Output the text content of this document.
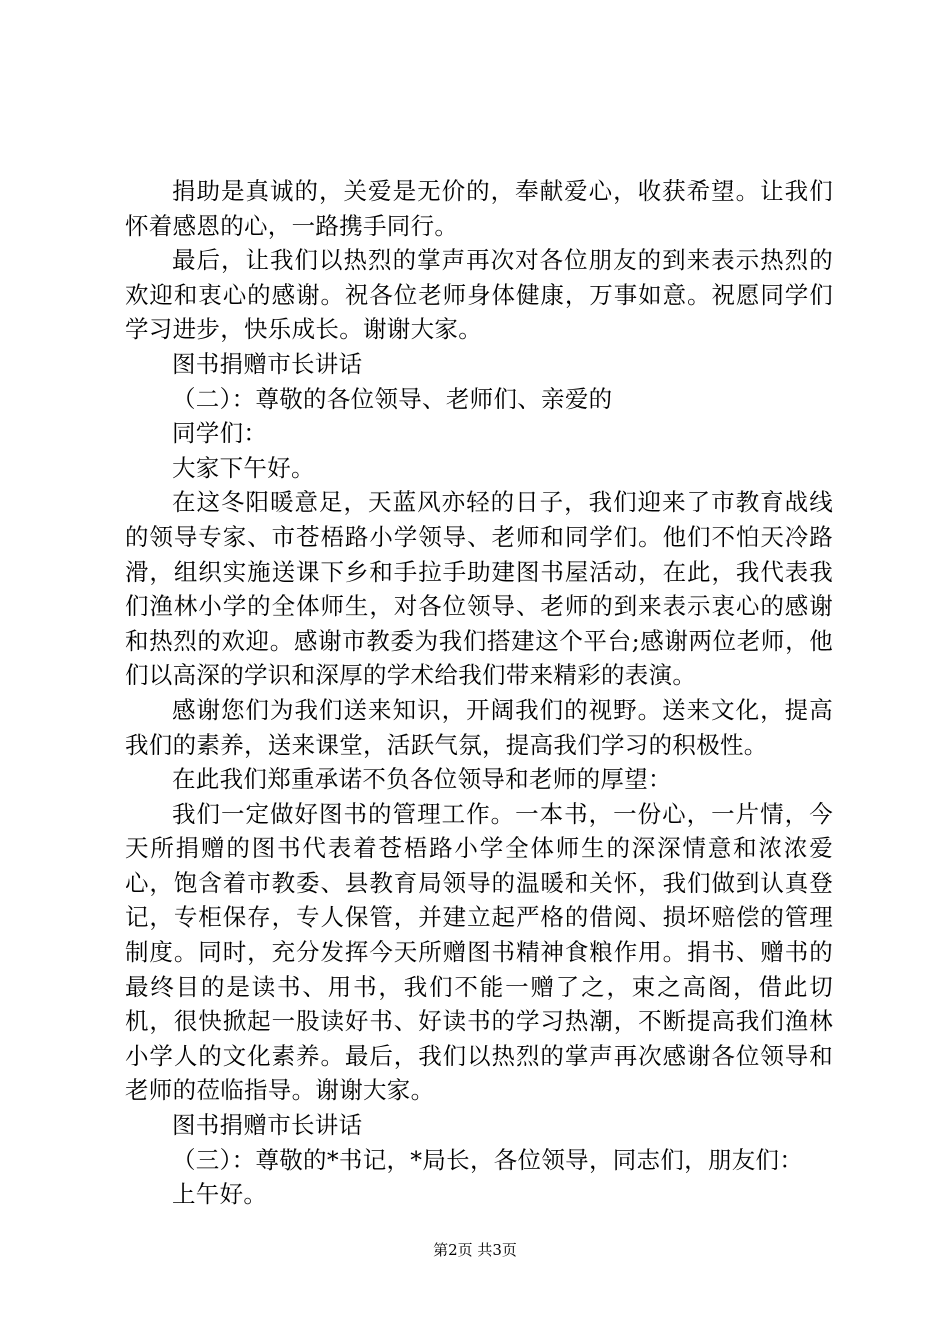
捐助是真诚的，关爱是无价的，奉献爱心，收获希望。让我们怀着感恩的心，一路携手同行。

最后，让我们以热烈的掌声再次对各位朋友的到来表示热烈的欢迎和衷心的感谢。祝各位老师身体健康，万事如意。祝愿同学们学习进步，快乐成长。谢谢大家。

图书捐赠市长讲话

（二）：尊敬的各位领导、老师们、亲爱的

同学们：

大家下午好。

在这冬阳暖意足，天蓝风亦轻的日子，我们迎来了市教育战线的领导专家、市苍梧路小学领导、老师和同学们。他们不怕天冷路滑，组织实施送课下乡和手拉手助建图书屋活动，在此，我代表我们渔林小学的全体师生，对各位领导、老师的到来表示衷心的感谢和热烈的欢迎。感谢市教委为我们搭建这个平台;感谢两位老师，他们以高深的学识和深厚的学术给我们带来精彩的表演。

感谢您们为我们送来知识，开阔我们的视野。送来文化，提高我们的素养，送来课堂，活跃气氛，提高我们学习的积极性。

在此我们郑重承诺不负各位领导和老师的厚望：

我们一定做好图书的管理工作。一本书，一份心，一片情，今天所捐赠的图书代表着苍梧路小学全体师生的深深情意和浓浓爱心，饱含着市教委、县教育局领导的温暖和关怀，我们做到认真登记，专柜保存，专人保管，并建立起严格的借阅、损坏赔偿的管理制度。同时，充分发挥今天所赠图书精神食粮作用。捐书、赠书的最终目的是读书、用书，我们不能一赠了之，束之高阁，借此切机，很快掀起一股读好书、好读书的学习热潮，不断提高我们渔林小学人的文化素养。最后，我们以热烈的掌声再次感谢各位领导和老师的莅临指导。谢谢大家。

图书捐赠市长讲话

（三）：尊敬的*书记，*局长，各位领导，同志们，朋友们：

上午好。

第2页 共3页
